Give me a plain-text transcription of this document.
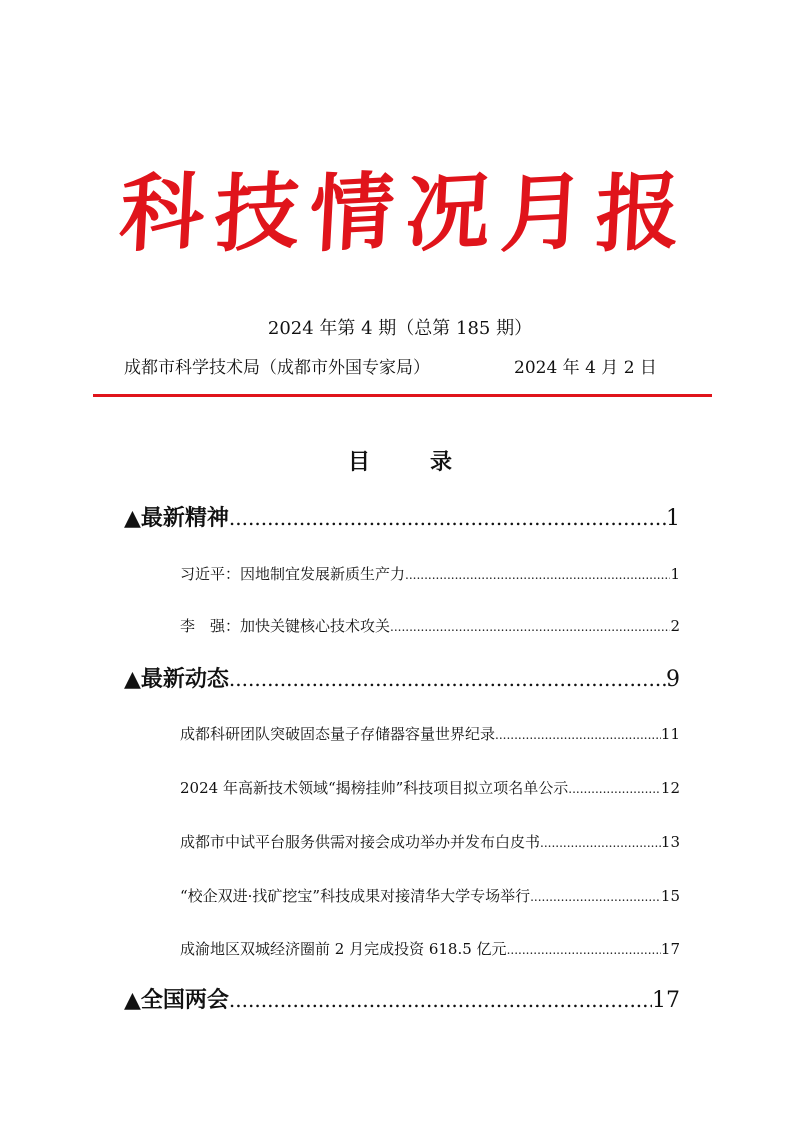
科 技 情 况 月 报
2024 年第 4 期（总第 185 期）
成都市科学技术局（成都市外国专家局）	2024 年 4 月 2 日
目录
▲最新精神 .....	1
习近平：因地制宜发展新质生产力 .....	1
李　强：加快关键核心技术攻关 .....	2
▲最新动态 .....	9
成都科研团队突破固态量子存储器容量世界纪录 .....	11
2024 年高新技术领域“揭榜挂帅”科技项目拟立项名单公示 .....	12
成都市中试平台服务供需对接会成功举办并发布白皮书 .....	13
“校企双进·找矿挖宝”科技成果对接清华大学专场举行 .....	15
成渝地区双城经济圈前 2 月完成投资 618.5 亿元 .....	17
▲全国两会 .....	17
